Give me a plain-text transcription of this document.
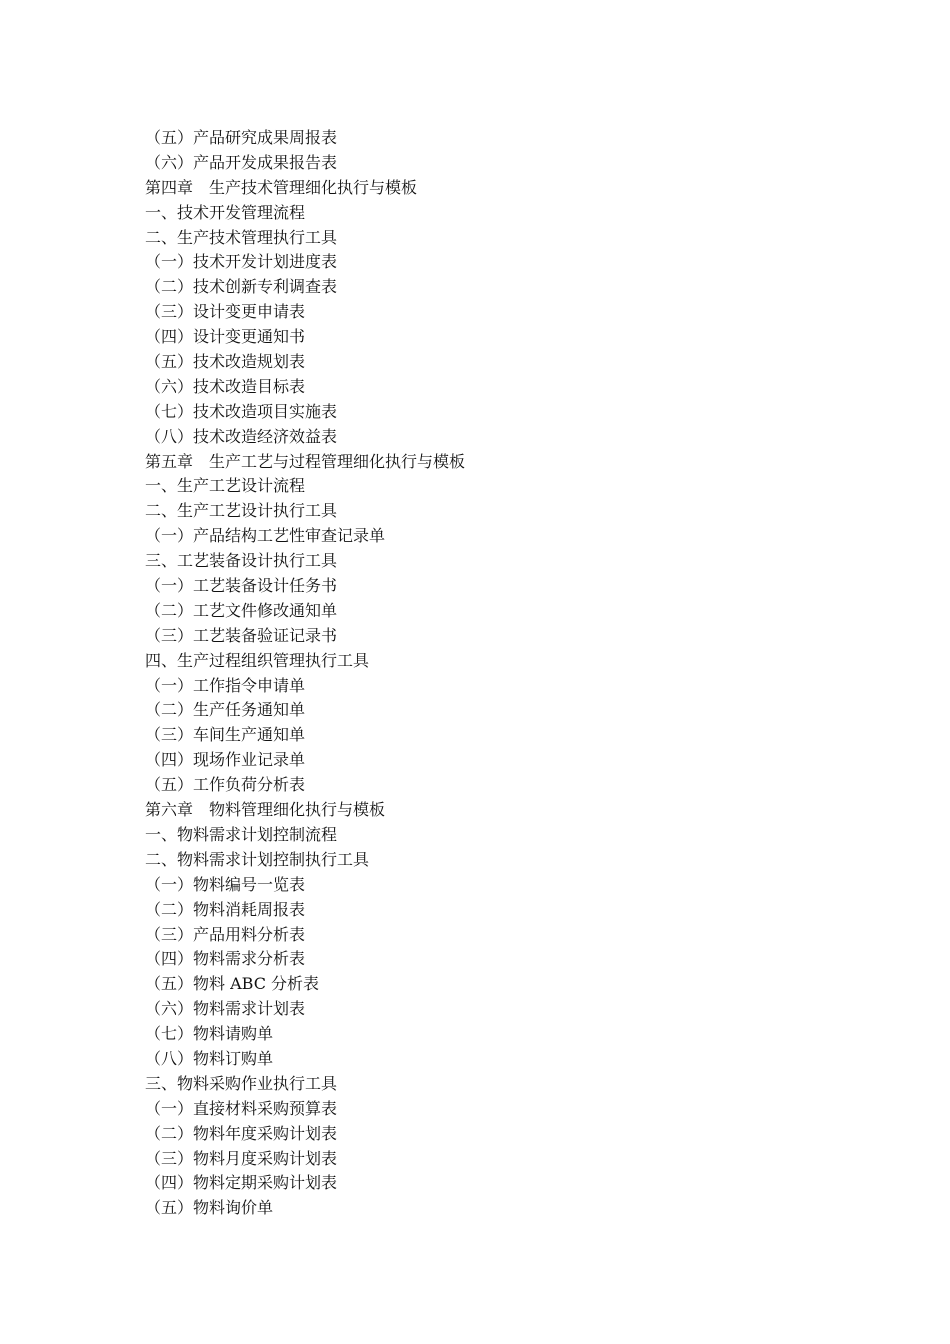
（五）产品研究成果周报表
（六）产品开发成果报告表
第四章　生产技术管理细化执行与模板
一、技术开发管理流程
二、生产技术管理执行工具
（一）技术开发计划进度表
（二）技术创新专利调查表
（三）设计变更申请表
（四）设计变更通知书
（五）技术改造规划表
（六）技术改造目标表
（七）技术改造项目实施表
（八）技术改造经济效益表
第五章　生产工艺与过程管理细化执行与模板
一、生产工艺设计流程
二、生产工艺设计执行工具
（一）产品结构工艺性审查记录单
三、工艺装备设计执行工具
（一）工艺装备设计任务书
（二）工艺文件修改通知单
（三）工艺装备验证记录书
四、生产过程组织管理执行工具
（一）工作指令申请单
（二）生产任务通知单
（三）车间生产通知单
（四）现场作业记录单
（五）工作负荷分析表
第六章　物料管理细化执行与模板
一、物料需求计划控制流程
二、物料需求计划控制执行工具
（一）物料编号一览表
（二）物料消耗周报表
（三）产品用料分析表
（四）物料需求分析表
（五）物料 ABC 分析表
（六）物料需求计划表
（七）物料请购单
（八）物料订购单
三、物料采购作业执行工具
（一）直接材料采购预算表
（二）物料年度采购计划表
（三）物料月度采购计划表
（四）物料定期采购计划表
（五）物料询价单
